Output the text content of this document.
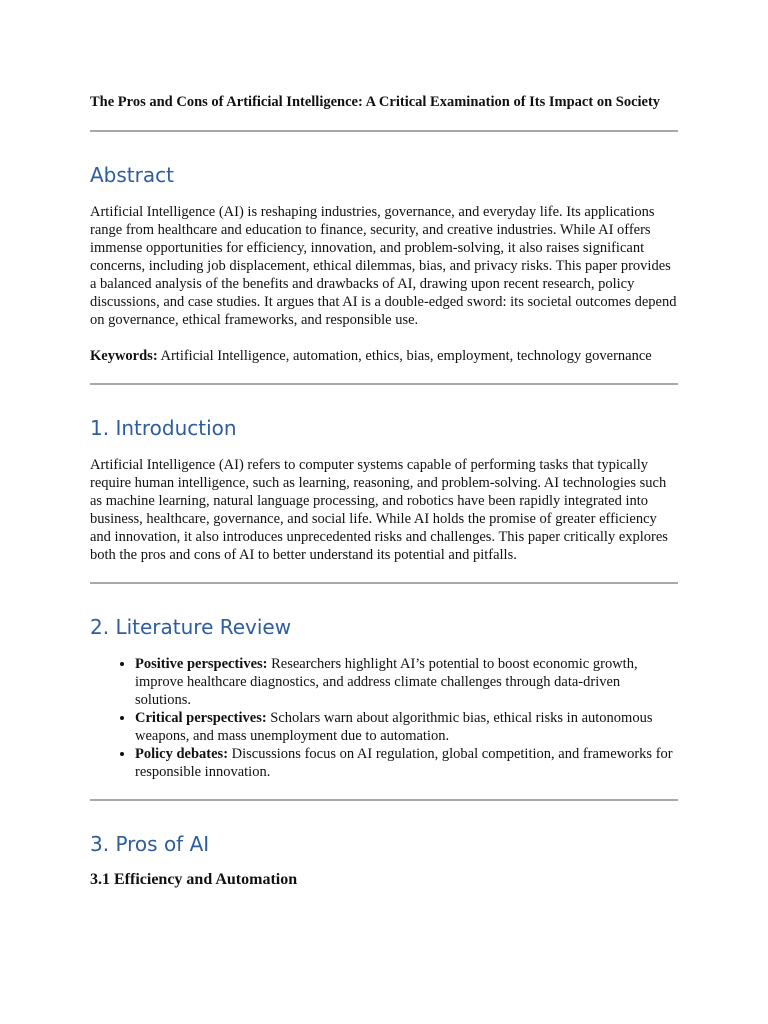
The Pros and Cons of Artificial Intelligence: A Critical Examination of Its Impact on Society

Abstract

Artificial Intelligence (AI) is reshaping industries, governance, and everyday life. Its applications range from healthcare and education to finance, security, and creative industries. While AI offers immense opportunities for efficiency, innovation, and problem-solving, it also raises significant concerns, including job displacement, ethical dilemmas, bias, and privacy risks. This paper provides a balanced analysis of the benefits and drawbacks of AI, drawing upon recent research, policy discussions, and case studies. It argues that AI is a double-edged sword: its societal outcomes depend on governance, ethical frameworks, and responsible use.

Keywords: Artificial Intelligence, automation, ethics, bias, employment, technology governance

1. Introduction

Artificial Intelligence (AI) refers to computer systems capable of performing tasks that typically require human intelligence, such as learning, reasoning, and problem-solving. AI technologies such as machine learning, natural language processing, and robotics have been rapidly integrated into business, healthcare, governance, and social life. While AI holds the promise of greater efficiency and innovation, it also introduces unprecedented risks and challenges. This paper critically explores both the pros and cons of AI to better understand its potential and pitfalls.

2. Literature Review
• Positive perspectives: Researchers highlight AI’s potential to boost economic growth, improve healthcare diagnostics, and address climate challenges through data-driven solutions.
• Critical perspectives: Scholars warn about algorithmic bias, ethical risks in autonomous weapons, and mass unemployment due to automation.
• Policy debates: Discussions focus on AI regulation, global competition, and frameworks for responsible innovation.
3. Pros of AI
3.1 Efficiency and Automation
